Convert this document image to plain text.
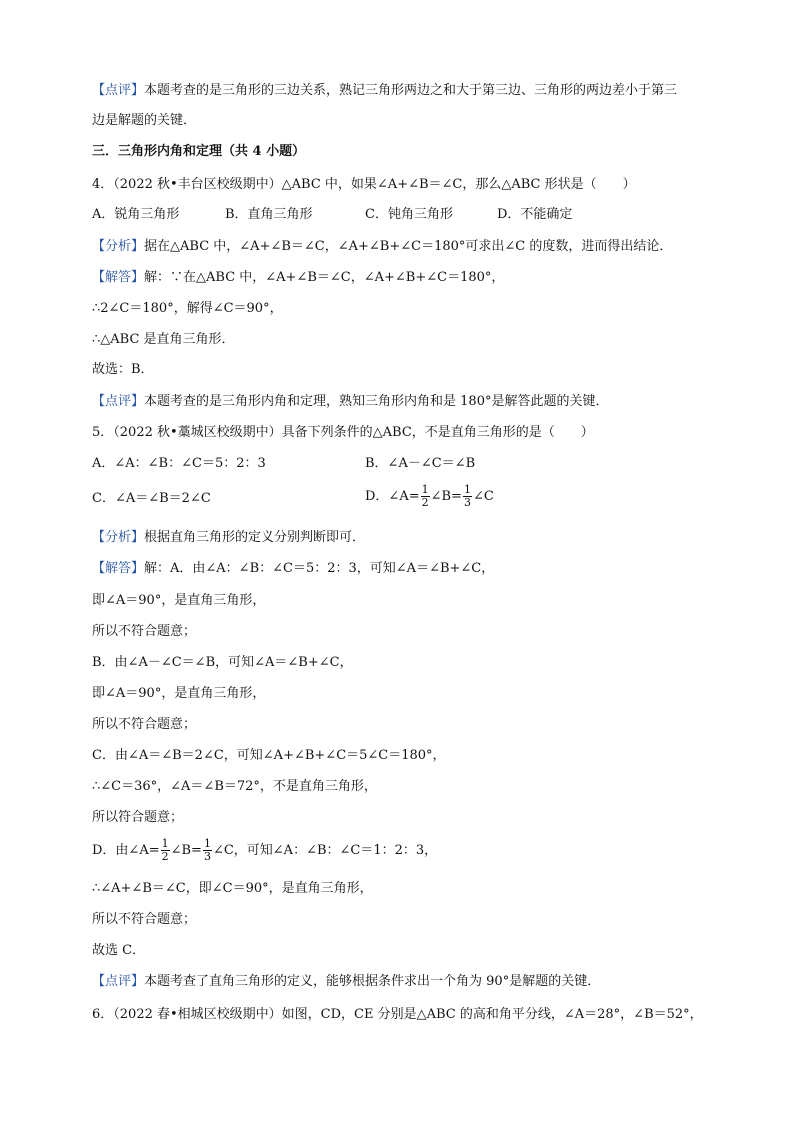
【点评】本题考查的是三角形的三边关系，熟记三角形两边之和大于第三边、三角形的两边差小于第三
边是解题的关键．
三．三角形内角和定理（共 4 小题）
4．（2022 秋•丰台区校级期中）△ABC 中，如果∠A+∠B＝∠C，那么△ABC 形状是（　　）
A．锐角三角形	B．直角三角形	C．钝角三角形	D．不能确定
【分析】据在△ABC 中，∠A+∠B＝∠C，∠A+∠B+∠C＝180°可求出∠C 的度数，进而得出结论．
【解答】解：∵在△ABC 中，∠A+∠B＝∠C，∠A+∠B+∠C＝180°，
∴2∠C＝180°，解得∠C＝90°，
∴△ABC 是直角三角形．
故选：B．
【点评】本题考查的是三角形内角和定理，熟知三角形内角和是 180°是解答此题的关键．
5．（2022 秋•藁城区校级期中）具备下列条件的△ABC，不是直角三角形的是（　　）
A．∠A：∠B：∠C＝5：2：3	B．∠A－∠C＝∠B
C．∠A＝∠B＝2∠C	D．∠A= $\frac{1}{2}$ ∠B= $\frac{1}{3}$ ∠C
【分析】根据直角三角形的定义分别判断即可．
【解答】解：A．由∠A：∠B：∠C＝5：2：3，可知∠A＝∠B+∠C，
即∠A＝90°，是直角三角形，
所以不符合题意；
B．由∠A－∠C＝∠B，可知∠A＝∠B+∠C，
即∠A＝90°，是直角三角形，
所以不符合题意；
C．由∠A＝∠B＝2∠C，可知∠A+∠B+∠C＝5∠C＝180°，
∴∠C＝36°，∠A＝∠B＝72°，不是直角三角形，
所以符合题意；
D．由∠A= $\frac{1}{2}$ ∠B= $\frac{1}{3}$ ∠C，可知∠A：∠B：∠C＝1：2：3，
∴∠A+∠B＝∠C，即∠C＝90°，是直角三角形，
所以不符合题意；
故选 C．
【点评】本题考查了直角三角形的定义，能够根据条件求出一个角为 90°是解题的关键．
6．（2022 春•相城区校级期中）如图，CD，CE 分别是△ABC 的高和角平分线，∠A＝28°，∠B＝52°，
